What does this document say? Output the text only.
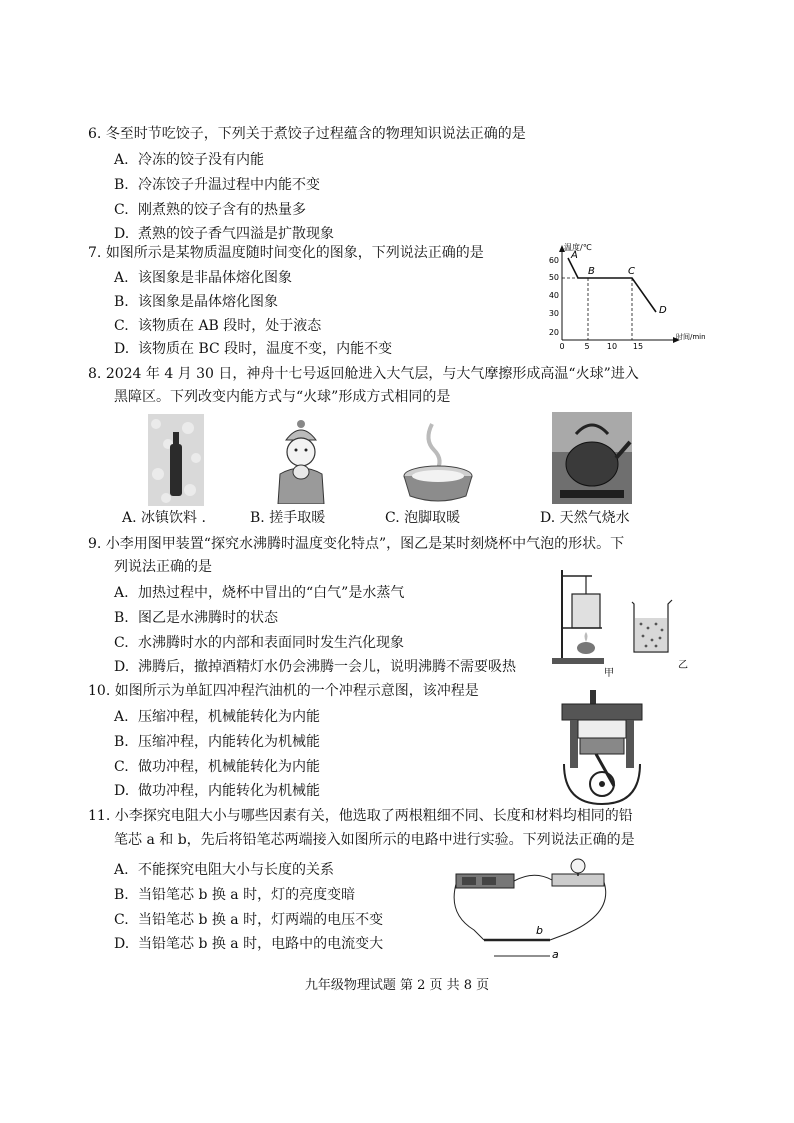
6. 冬至时节吃饺子，下列关于煮饺子过程蕴含的物理知识说法正确的是
A. 冷冻的饺子没有内能
B. 冷冻饺子升温过程中内能不变
C. 刚煮熟的饺子含有的热量多
D. 煮熟的饺子香气四溢是扩散现象
7. 如图所示是某物质温度随时间变化的图象，下列说法正确的是
A. 该图象是非晶体熔化图象
B. 该图象是晶体熔化图象
C. 该物质在 AB 段时，处于液态
D. 该物质在 BC 段时，温度不变，内能不变
温度/℃
时间/min
60
50
40
30
20
0 5 10 15
A
B	C
D
8. 2024 年 4 月 30 日，神舟十七号返回舱进入大气层，与大气摩擦形成高温“火球”进入
黑障区。下列改变内能方式与“火球”形成方式相同的是
A. 冰镇饮料 .	B. 搓手取暖	C. 泡脚取暖	D. 天然气烧水
9. 小李用图甲装置“探究水沸腾时温度变化特点”，图乙是某时刻烧杯中气泡的形状。下
列说法正确的是
A. 加热过程中，烧杯中冒出的“白气”是水蒸气
B. 图乙是水沸腾时的状态
C. 水沸腾时水的内部和表面同时发生汽化现象
D. 沸腾后，撤掉酒精灯水仍会沸腾一会儿，说明沸腾不需要吸热	甲
乙
10. 如图所示为单缸四冲程汽油机的一个冲程示意图，该冲程是
A. 压缩冲程，机械能转化为内能
B. 压缩冲程，内能转化为机械能
C. 做功冲程，机械能转化为内能
D. 做功冲程，内能转化为机械能
11. 小李探究电阻大小与哪些因素有关，他选取了两根粗细不同、长度和材料均相同的铅
笔芯 a 和 b，先后将铅笔芯两端接入如图所示的电路中进行实验。下列说法正确的是
A. 不能探究电阻大小与长度的关系
B. 当铅笔芯 b 换 a 时，灯的亮度变暗
C. 当铅笔芯 b 换 a 时，灯两端的电压不变
D. 当铅笔芯 b 换 a 时，电路中的电流变大
b
a
九年级物理试题 第 2 页 共 8 页
